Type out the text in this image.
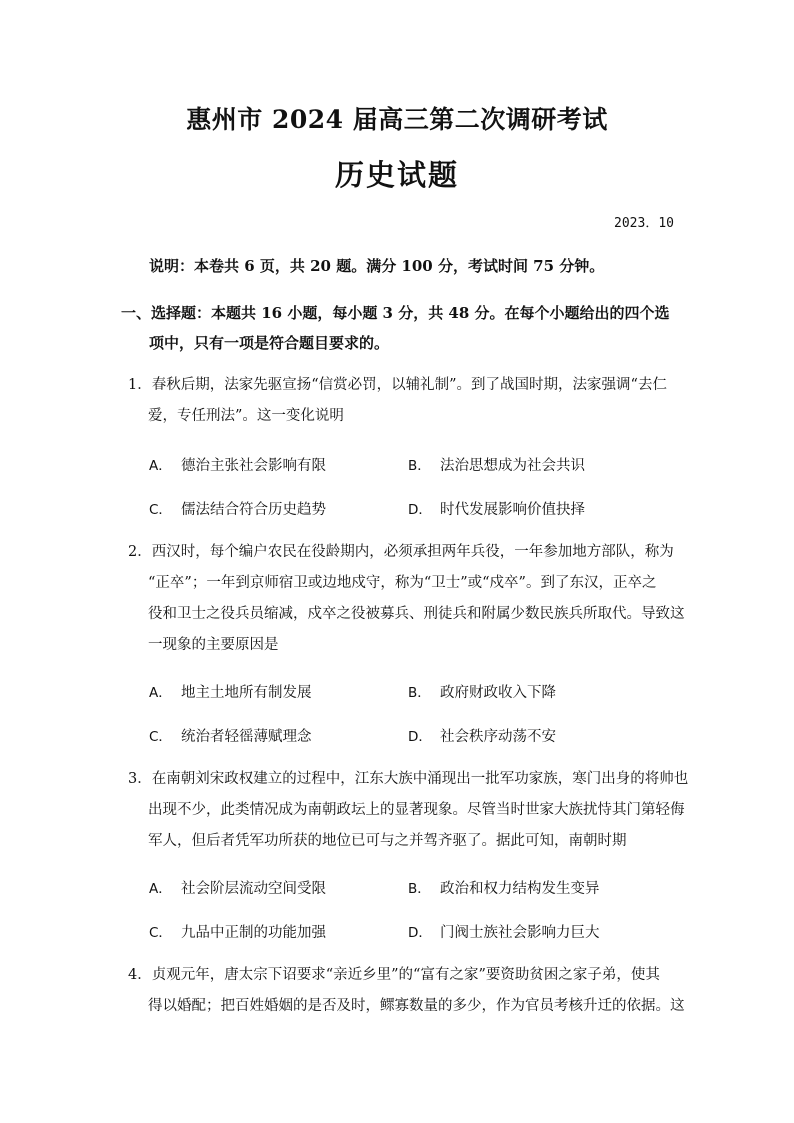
惠州市 2024 届高三第二次调研考试
历史试题
2023．10
说明：本卷共 6 页，共 20 题。满分 100 分，考试时间 75 分钟。
一、选择题：本题共 16 小题，每小题 3 分，共 48 分。在每个小题给出的四个选
项中，只有一项是符合题目要求的。
1．春秋后期，法家先驱宣扬“信赏必罚，以辅礼制”。到了战国时期，法家强调“去仁
爱，专任刑法”。这一变化说明
A． 德治主张社会影响有限	B． 法治思想成为社会共识
C． 儒法结合符合历史趋势	D． 时代发展影响价值抉择
2．西汉时，每个编户农民在役龄期内，必须承担两年兵役，一年参加地方部队，称为
“正卒”；一年到京师宿卫或边地戍守，称为“卫士”或“戍卒”。到了东汉，正卒之
役和卫士之役兵员缩减，戍卒之役被募兵、刑徒兵和附属少数民族兵所取代。导致这
一现象的主要原因是
A． 地主土地所有制发展	B． 政府财政收入下降
C． 统治者轻徭薄赋理念	D． 社会秩序动荡不安
3．在南朝刘宋政权建立的过程中，江东大族中涌现出一批军功家族，寒门出身的将帅也
出现不少，此类情况成为南朝政坛上的显著现象。尽管当时世家大族扰恃其门第轻侮
军人，但后者凭军功所获的地位已可与之并驾齐驱了。据此可知，南朝时期
A． 社会阶层流动空间受限	B． 政治和权力结构发生变异
C． 九品中正制的功能加强	D． 门阀士族社会影响力巨大
4．贞观元年，唐太宗下诏要求“亲近乡里”的“富有之家”要资助贫困之家子弟，使其
得以婚配；把百姓婚姻的是否及时，鳏寡数量的多少，作为官员考核升迁的依据。这
